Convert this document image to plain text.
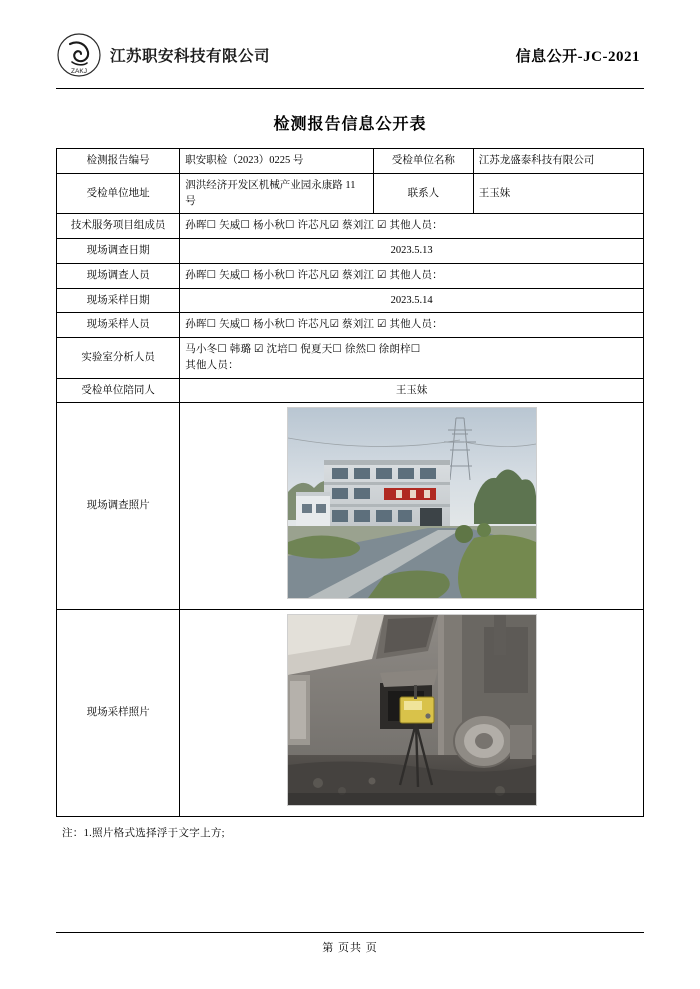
ZAKJ
江苏职安科技有限公司	信息公开-JC-2021
检测报告信息公开表
检测报告编号	职安职检（2023）0225 号	受检单位名称	江苏龙盛泰科技有限公司
受检单位地址	泗洪经济开发区机械产业园永康路 11 号	联系人	王玉妹
技术服务项目组成员	孙晖☐ 矢威☐ 杨小秋☐ 许芯凡☑ 蔡刘江 ☑ 其他人员：		
现场调查日期	2023.5.13		
现场调查人员	孙晖☐ 矢威☐ 杨小秋☐ 许芯凡☑ 蔡刘江 ☑ 其他人员：		
现场采样日期	2023.5.14		
现场采样人员	孙晖☐ 矢威☐ 杨小秋☐ 许芯凡☑ 蔡刘江 ☑ 其他人员：		
实验室分析人员	马小冬☐ 韩璐 ☑ 沈培☐ 倪夏天☐ 徐然☐ 徐朗梓☐
其他人员：		

受检单位陪同人	王玉妹		
现场调查照片	

现场采样照片	
注：1.照片格式选择浮于文字上方;
第 页共 页
